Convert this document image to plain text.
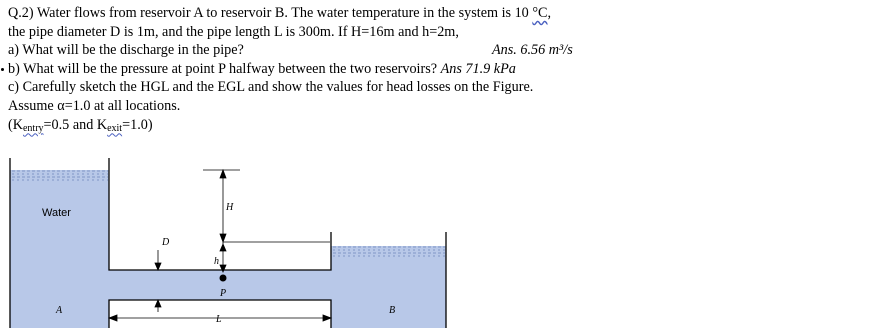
Q.2) Water flows from reservoir A to reservoir B. The water temperature in the system is 10 °C,
the pipe diameter D is 1m, and the pipe length L is 300m. If H=16m and h=2m,
a) What will be the discharge in the pipe?	Ans. 6.56 m³/s
b) What will be the pressure at point P halfway between the two reservoirs? Ans 71.9 kPa
c) Carefully sketch the HGL and the EGL and show the values for head losses on the Figure.
Assume α=1.0 at all locations.
($K_{entry}=0.5$ and $K_{exit}=1.0$)
Water
A	B
H
h
D
P
L
